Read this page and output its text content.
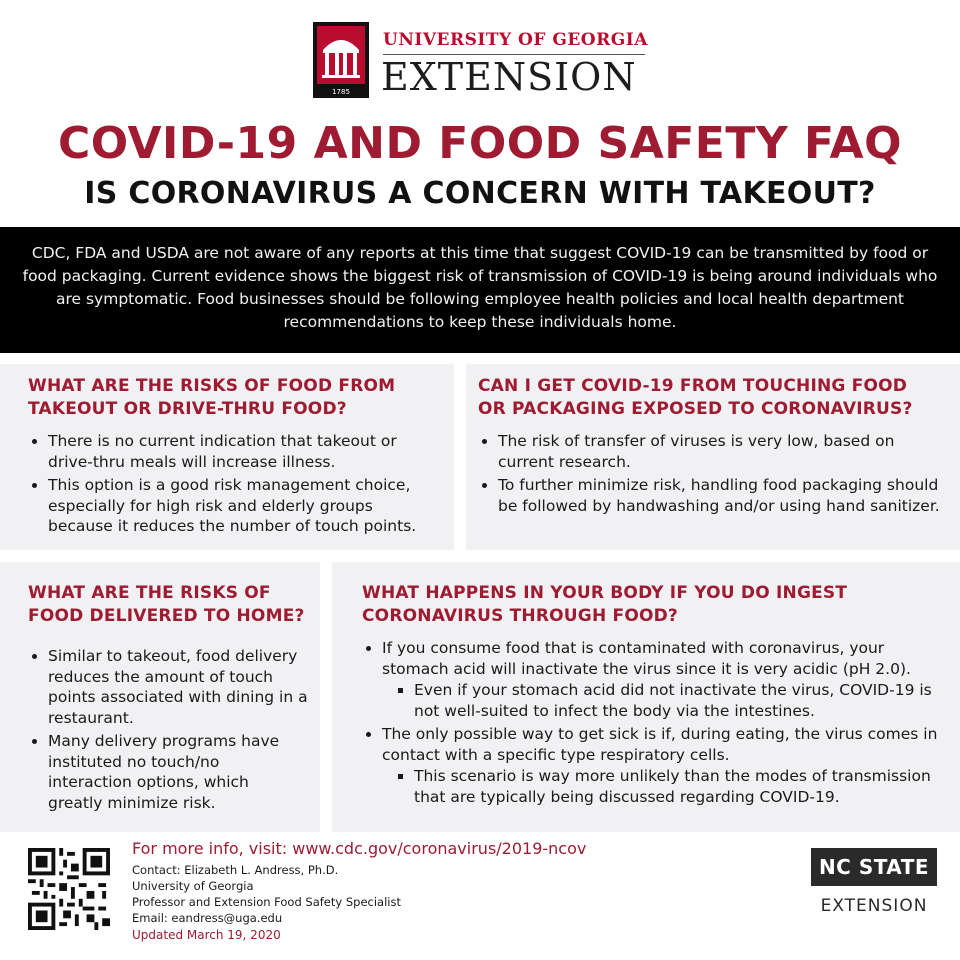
1785
UNIVERSITY OF GEORGIA
EXTENSION
COVID-19 AND FOOD SAFETY FAQ
IS CORONAVIRUS A CONCERN WITH TAKEOUT?
CDC, FDA and USDA are not aware of any reports at this time that suggest COVID-19 can be transmitted by food or food packaging. Current evidence shows the biggest risk of transmission of COVID-19 is being around individuals who are symptomatic. Food businesses should be following employee health policies and local health department recommendations to keep these individuals home.
WHAT ARE THE RISKS OF FOOD FROM
TAKEOUT OR DRIVE-THRU FOOD?
• There is no current indication that takeout or drive-thru meals will increase illness.
• This option is a good risk management choice, especially for high risk and elderly groups because it reduces the number of touch points.
CAN I GET COVID-19 FROM TOUCHING FOOD
OR PACKAGING EXPOSED TO CORONAVIRUS?
• The risk of transfer of viruses is very low, based on current research.
• To further minimize risk, handling food packaging should be followed by handwashing and/or using hand sanitizer.
WHAT ARE THE RISKS OF
FOOD DELIVERED TO HOME?
• Similar to takeout, food delivery reduces the amount of touch points associated with dining in a restaurant.
• Many delivery programs have instituted no touch/no interaction options, which greatly minimize risk.
WHAT HAPPENS IN YOUR BODY IF YOU DO INGEST
CORONAVIRUS THROUGH FOOD?
• If you consume food that is contaminated with coronavirus, your stomach acid will inactivate the virus since it is very acidic (pH 2.0).
▪ Even if your stomach acid did not inactivate the virus, COVID-19 is not well-suited to infect the body via the intestines.
• The only possible way to get sick is if, during eating, the virus comes in contact with a specific type respiratory cells.
▪ This scenario is way more unlikely than the modes of transmission that are typically being discussed regarding COVID-19.
For more info, visit: www.cdc.gov/coronavirus/2019-ncov
Contact: Elizabeth L. Andress, Ph.D.
University of Georgia
Professor and Extension Food Safety Specialist
Email: eandress@uga.edu
Updated March 19, 2020
NC STATE
EXTENSION
